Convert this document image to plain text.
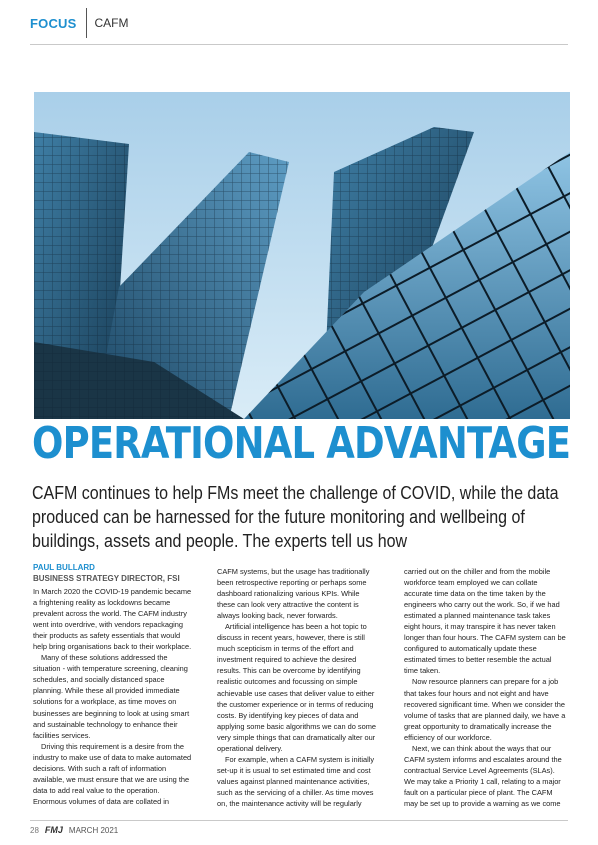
FOCUS CAFM
OPERATIONAL ADVANTAGE
CAFM continues to help FMs meet the challenge of COVID, while the data produced can be harnessed for the future monitoring and wellbeing of buildings, assets and people. The experts tell us how

PAUL BULLARD

BUSINESS STRATEGY DIRECTOR, FSI

In March 2020 the COVID-19 pandemic became a frightening reality as lockdowns became prevalent across the world. The CAFM industry went into overdrive, with vendors repackaging their products as safety essentials that would help bring organisations back to their workplace.

Many of these solutions addressed the situation - with temperature screening, cleaning schedules, and socially distanced space planning. While these all provided immediate solutions for a workplace, as time moves on businesses are beginning to look at using smart and sustainable technology to enhance their facilities services.

Driving this requirement is a desire from the industry to make use of data to make automated decisions. With such a raft of information available, we must ensure that we are using the data to add real value to the operation. Enormous volumes of data are collated in

CAFM systems, but the usage has traditionally been retrospective reporting or perhaps some dashboard rationalizing various KPIs. While these can look very attractive the content is always looking back, never forwards.

Artificial intelligence has been a hot topic to discuss in recent years, however, there is still much scepticism in terms of the effort and investment required to achieve the desired results. This can be overcome by identifying realistic outcomes and focussing on simple achievable use cases that deliver value to either the customer experience or in terms of reducing costs. By identifying key pieces of data and applying some basic algorithms we can do some very simple things that can dramatically alter our operational delivery.

For example, when a CAFM system is initially set-up it is usual to set estimated time and cost values against planned maintenance activities, such as the servicing of a chiller. As time moves on, the maintenance activity will be regularly

carried out on the chiller and from the mobile workforce team employed we can collate accurate time data on the time taken by the engineers who carry out the work. So, if we had estimated a planned maintenance task takes eight hours, it may transpire it has never taken longer than four hours. The CAFM system can be configured to automatically update these estimated times to better resemble the actual time taken.

Now resource planners can prepare for a job that takes four hours and not eight and have recovered significant time. When we consider the volume of tasks that are planned daily, we have a great opportunity to dramatically increase the efficiency of our workforce.

Next, we can think about the ways that our CAFM system informs and escalates around the contractual Service Level Agreements (SLAs). We may take a Priority 1 call, relating to a major fault on a particular piece of plant. The CAFM may be set up to provide a warning as we come

28 FMJ MARCH 2021
